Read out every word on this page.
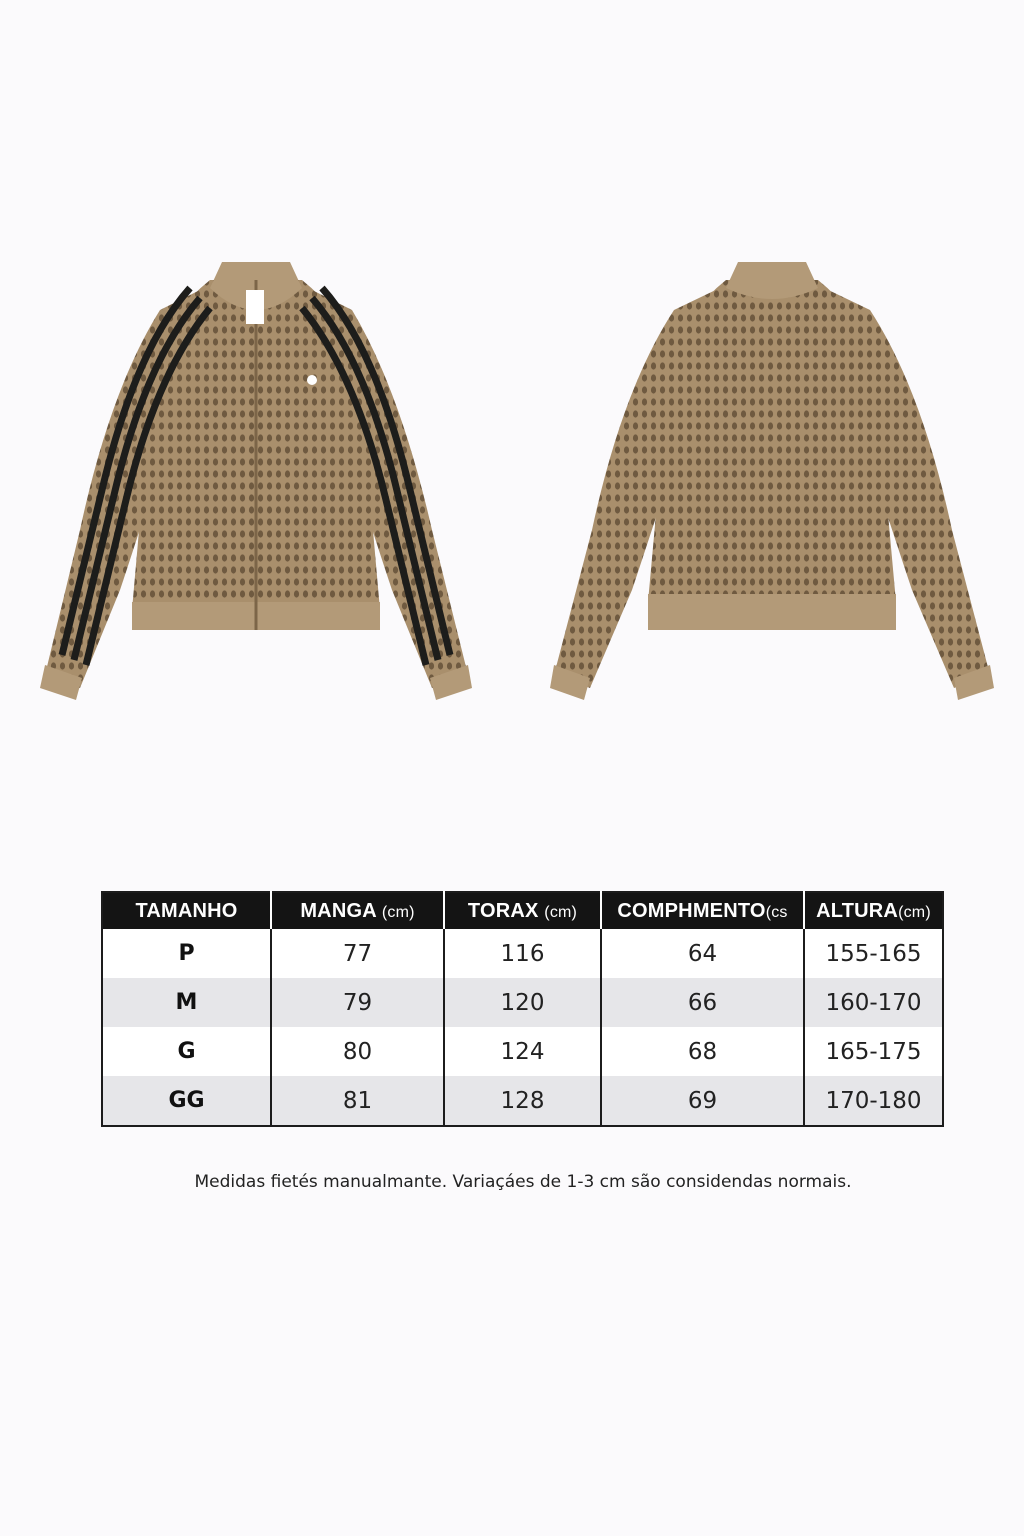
TAMANHO	MANGA (cm)	TORAX (cm)	COMPHMENTO(cs	ALTURA(cm)
P	77	116	64	155-165
M	79	120	66	160-170
G	80	124	68	165-175
GG	81	128	69	170-180
Medidas fietés manualmante. Variaçáes de 1-3 cm são considendas normais.
